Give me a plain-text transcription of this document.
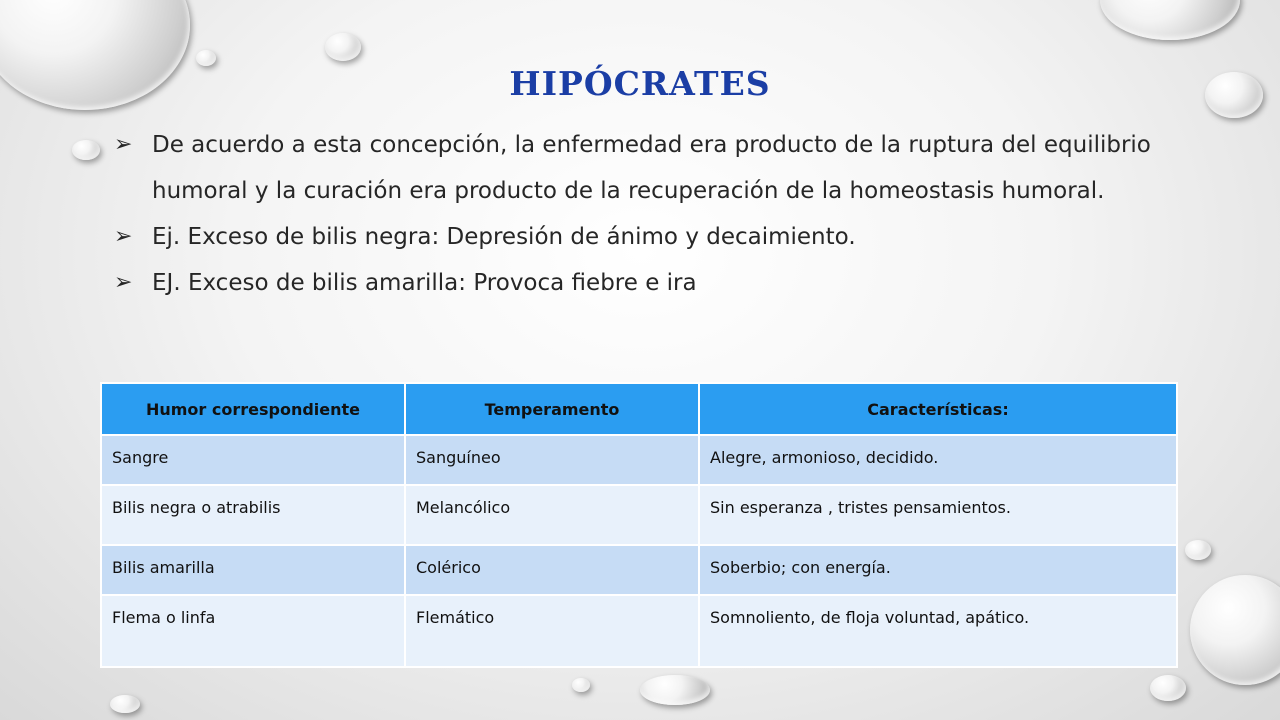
HIPÓCRATES
➢ De acuerdo a esta concepción, la enfermedad era producto de la ruptura del equilibrio humoral y la curación era producto de la recuperación de la homeostasis humoral.
➢ Ej. Exceso de bilis negra: Depresión de ánimo y decaimiento.
➢ EJ. Exceso de bilis amarilla: Provoca fiebre e ira
Humor correspondiente	Temperamento	Características:
Sangre	Sanguíneo	Alegre, armonioso, decidido.
Bilis negra o atrabilis	Melancólico	Sin esperanza , tristes pensamientos.
Bilis amarilla	Colérico	Soberbio; con energía.
Flema o linfa	Flemático	Somnoliento, de floja voluntad, apático.
